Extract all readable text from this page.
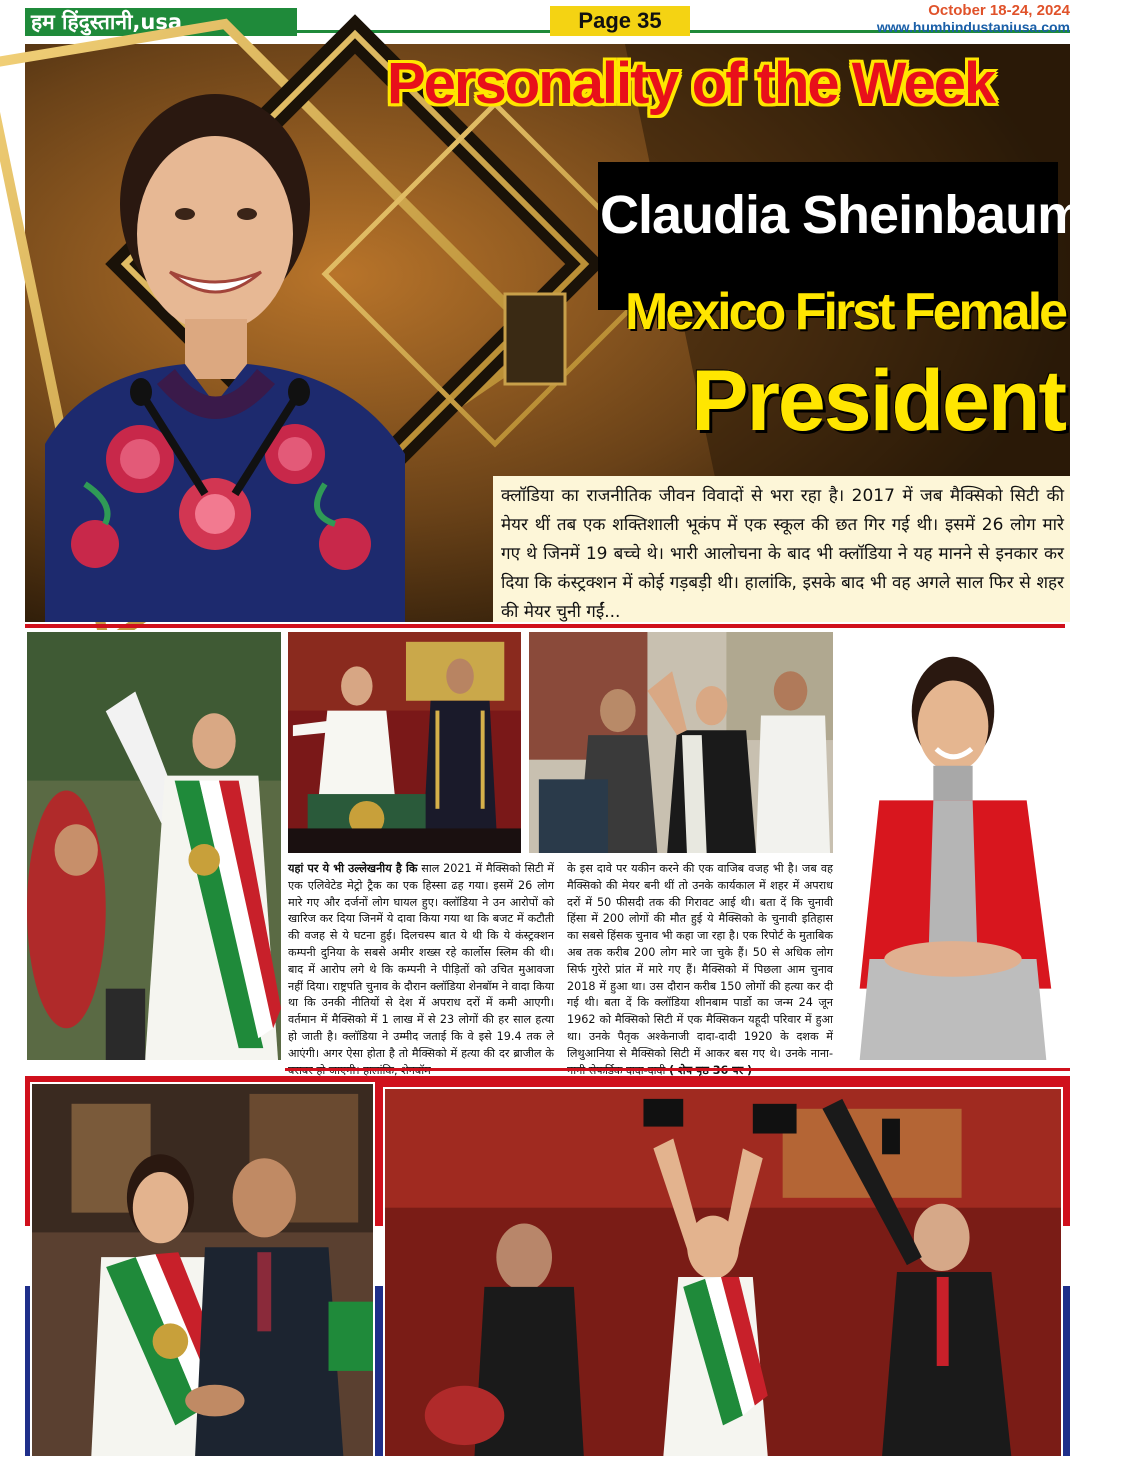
हम हिंदुस्तानी,usa	Page 35	October 18-24, 2024
www.humhindustaniusa.com
Personality of the Week
Claudia Sheinbaum
Mexico First Female
President
क्लॉडिया का राजनीतिक जीवन विवादों से भरा रहा है। 2017 में जब मैक्सिको सिटी की मेयर थीं तब एक शक्तिशाली भूकंप में एक स्कूल की छत गिर गई थी। इसमें 26 लोग मारे गए थे जिनमें 19 बच्चे थे। भारी आलोचना के बाद भी क्लॉडिया ने यह मानने से इनकार कर दिया कि कंस्ट्रक्शन में कोई गड़बड़ी थी। हालांकि, इसके बाद भी वह अगले साल फिर से शहर की मेयर चुनी गईं...
यहां पर ये भी उल्लेखनीय है कि साल 2021 में मैक्सिको सिटी में एक एलिवेटेड मेट्रो ट्रैक का एक हिस्सा ढह गया। इसमें 26 लोग मारे गए और दर्जनों लोग घायल हुए। क्लॉडिया ने उन आरोपों को खारिज कर दिया जिनमें ये दावा किया गया था कि बजट में कटौती की वजह से ये घटना हुई। दिलचस्प बात ये थी कि ये कंस्ट्रक्शन कम्पनी दुनिया के सबसे अमीर शख्स रहे कार्लोस स्लिम की थी। बाद में आरोप लगे थे कि कम्पनी ने पीड़ितों को उचित मुआवजा नहीं दिया। राष्ट्रपति चुनाव के दौरान क्लॉडिया शेनबॉम ने वादा किया था कि उनकी नीतियों से देश में अपराध दरों में कमी आएगी। वर्तमान में मैक्सिको में 1 लाख में से 23 लोगों की हर साल हत्या हो जाती है। क्लॉडिया ने उम्मीद जताई कि वे इसे 19.4 तक ले आएंगी। अगर ऐसा होता है तो मैक्सिको में हत्या की दर ब्राजील के
के इस दावे पर यकीन करने की एक वाजिब वजह भी है। जब वह मैक्सिको की मेयर बनी थीं तो उनके कार्यकाल में शहर में अपराध दरों में 50 फीसदी तक की गिरावट आई थी। बता दें कि चुनावी हिंसा में 200 लोगों की मौत हुई ये मैक्सिको के चुनावी इतिहास का सबसे हिंसक चुनाव भी कहा जा रहा है। एक रिपोर्ट के मुताबिक अब तक करीब 200 लोग मारे जा चुके हैं। 50 से अधिक लोग सिर्फ गुरेरो प्रांत में मारे गए हैं। मैक्सिको में पिछला आम चुनाव 2018 में हुआ था। उस दौरान करीब 150 लोगों की हत्या कर दी गई थी। बता दें कि क्लॉडिया शीनबाम पार्डो का जन्म 24 जून 1962 को मैक्सिको सिटी में एक मैक्सिकन यहूदी परिवार में हुआ था। उनके पैतृक अश्केनाजी दादा-दादी 1920 के दशक में लिथुआनिया से मैक्सिको सिटी में आकर बस गए थे। उनके नाना-
